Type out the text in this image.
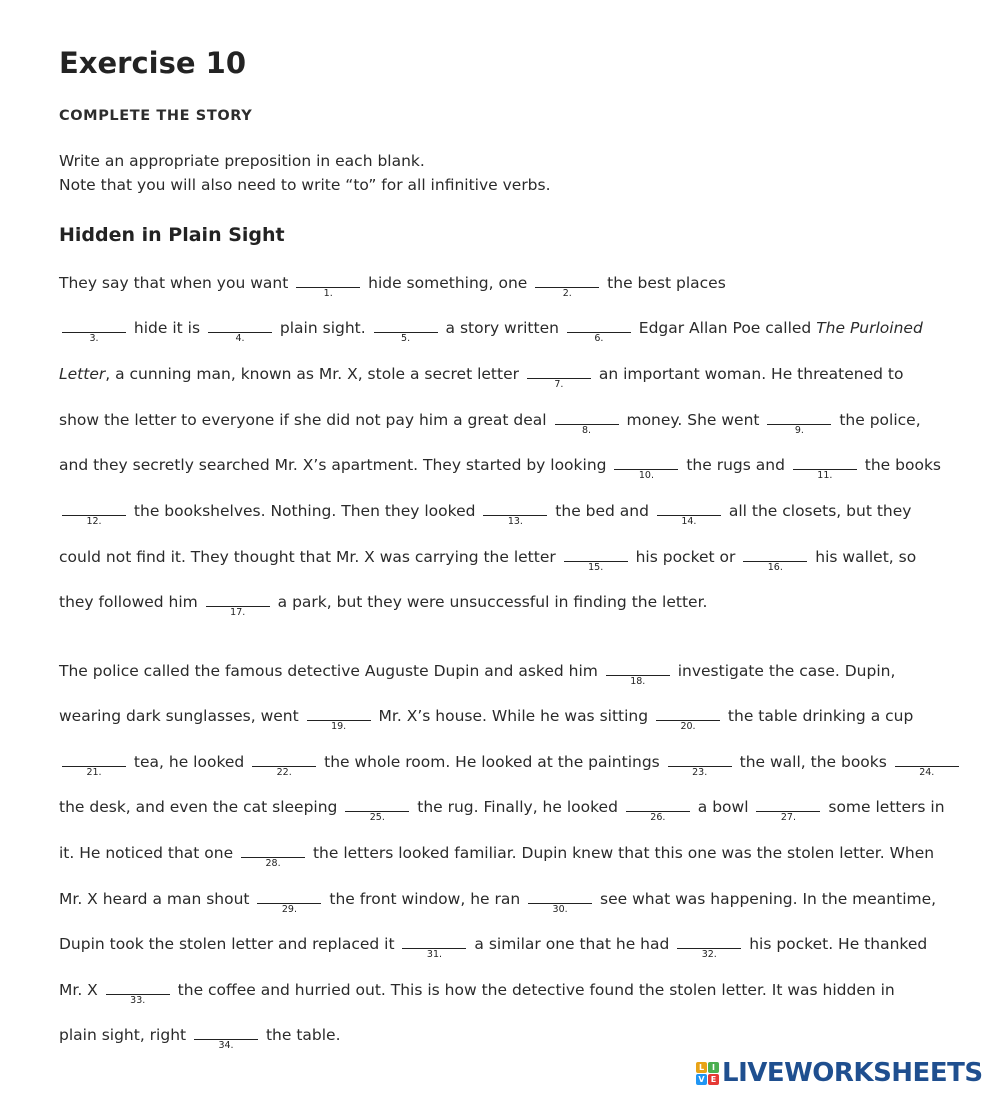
Exercise 10
COMPLETE THE STORY
Write an appropriate preposition in each blank.
Note that you will also need to write “to” for all infinitive verbs.
Hidden in Plain Sight
They say that when you want
1.
hide something, one
2.
the best places
3.
hide it is
4.
plain sight.
5.
a story written
6.
Edgar Allan Poe called The Purloined
Letter, a cunning man, known as Mr. X, stole a secret letter
7.
an important woman. He threatened to
show the letter to everyone if she did not pay him a great deal
8.
money. She went
9.
the police,
and they secretly searched Mr. X’s apartment. They started by looking
10.
the rugs and
11.
the books
12.
the bookshelves. Nothing. Then they looked
13.
the bed and
14.
all the closets, but they
could not find it. They thought that Mr. X was carrying the letter
15.
his pocket or
16.
his wallet, so
they followed him
17.
a park, but they were unsuccessful in finding the letter.
The police called the famous detective Auguste Dupin and asked him
18.
investigate the case. Dupin,
wearing dark sunglasses, went
19.
Mr. X’s house. While he was sitting
20.
the table drinking a cup
21.
tea, he looked
22.
the whole room. He looked at the paintings
23.
the wall, the books
24.
the desk, and even the cat sleeping
25.
the rug. Finally, he looked
26.
a bowl
27.
some letters in
it. He noticed that one
28.
the letters looked familiar. Dupin knew that this one was the stolen letter. When
Mr. X heard a man shout
29.
the front window, he ran
30.
see what was happening. In the meantime,
Dupin took the stolen letter and replaced it
31.
a similar one that he had
32.
his pocket. He thanked
Mr. X
33.
the coffee and hurried out. This is how the detective found the stolen letter. It was hidden in
plain sight, right
34.
the table.
L I
V E LIVEWORKSHEETS
